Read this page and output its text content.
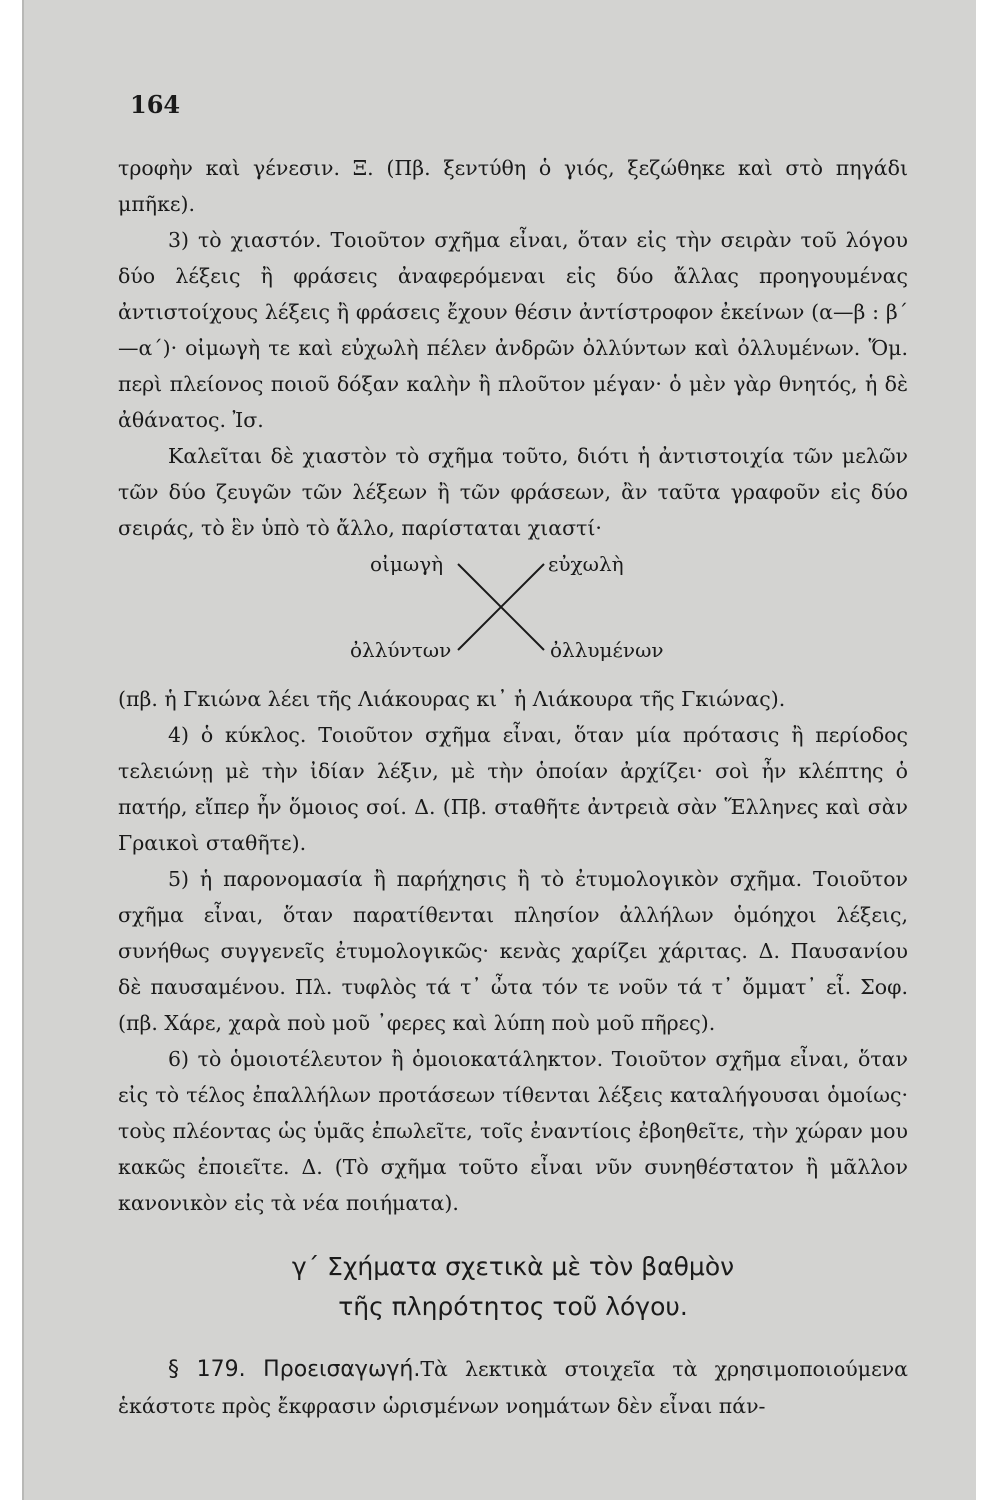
164

τροφὴν καὶ γένεσιν. Ξ. (Πβ. ξεντύθη ὁ γιός, ξεζώθηκε καὶ στὸ πηγάδι μπῆκε).

3) τὸ χιαστόν. Τοιοῦτον σχῆμα εἶναι, ὅταν εἰς τὴν σειρὰν τοῦ λόγου δύο λέξεις ἢ φράσεις ἀναφερόμεναι εἰς δύο ἄλλας προηγουμένας ἀντιστοίχους λέξεις ἢ φράσεις ἔχουν θέσιν ἀντίστροφον ἐκείνων (α—β : β΄—α΄)· οἰμωγὴ τε καὶ εὐχωλὴ πέλεν ἀνδρῶν ὀλλύντων καὶ ὀλλυμένων. Ὅμ. περὶ πλείονος ποιοῦ δόξαν καλὴν ἢ πλοῦτον μέγαν· ὁ μὲν γὰρ θνητός, ἡ δὲ ἀθάνατος. Ἰσ.

Καλεῖται δὲ χιαστὸν τὸ σχῆμα τοῦτο, διότι ἡ ἀντιστοιχία τῶν μελῶν τῶν δύο ζευγῶν τῶν λέξεων ἢ τῶν φράσεων, ἂν ταῦτα γραφοῦν εἰς δύο σειράς, τὸ ἓν ὑπὸ τὸ ἄλλο, παρίσταται χιαστί·

οἰμωγὴ	εὐχωλὴ
ὀλλύντων	ὀλλυμένων

(πβ. ἡ Γκιώνα λέει τῆς Λιάκουρας κι᾽ ἡ Λιάκουρα τῆς Γκιώνας).

4) ὁ κύκλος. Τοιοῦτον σχῆμα εἶναι, ὅταν μία πρότασις ἢ περίοδος τελειώνῃ μὲ τὴν ἰδίαν λέξιν, μὲ τὴν ὁποίαν ἀρχίζει· σοὶ ἦν κλέπτης ὁ πατήρ, εἴπερ ἦν ὅμοιος σοί. Δ. (Πβ. σταθῆτε ἀντρειὰ σὰν Ἕλληνες καὶ σὰν Γραικοὶ σταθῆτε).

5) ἡ παρονομασία ἢ παρήχησις ἢ τὸ ἐτυμολογικὸν σχῆμα. Τοιοῦτον σχῆμα εἶναι, ὅταν παρατίθενται πλησίον ἀλλήλων ὁμόηχοι λέξεις, συνήθως συγγενεῖς ἐτυμολογικῶς· κενὰς χαρίζει χάριτας. Δ. Παυσανίου δὲ παυσαμένου. Πλ. τυφλὸς τά τ᾽ ὦτα τόν τε νοῦν τά τ᾽ ὄμματ᾽ εἶ. Σοφ. (πβ. Χάρε, χαρὰ ποὺ μοῦ ᾽φερες καὶ λύπη ποὺ μοῦ πῆρες).

6) τὸ ὁμοιοτέλευτον ἢ ὁμοιοκατάληκτον. Τοιοῦτον σχῆμα εἶναι, ὅταν εἰς τὸ τέλος ἐπαλλήλων προτάσεων τίθενται λέξεις καταλήγουσαι ὁμοίως· τοὺς πλέοντας ὡς ὑμᾶς ἐπωλεῖτε, τοῖς ἐναντίοις ἐβοηθεῖτε, τὴν χώραν μου κακῶς ἐποιεῖτε. Δ. (Τὸ σχῆμα τοῦτο εἶναι νῦν συνηθέστατον ἢ μᾶλλον κανονικὸν εἰς τὰ νέα ποιήματα).

γ΄ Σχήματα σχετικὰ μὲ τὸν βαθμὸν
τῆς πληρότητος τοῦ λόγου.

§ 179. Προεισαγωγή.Τὰ λεκτικὰ στοιχεῖα τὰ χρησιμοποιούμενα ἑκάστοτε πρὸς ἔκφρασιν ὡρισμένων νοημάτων δὲν εἶναι πάν-
